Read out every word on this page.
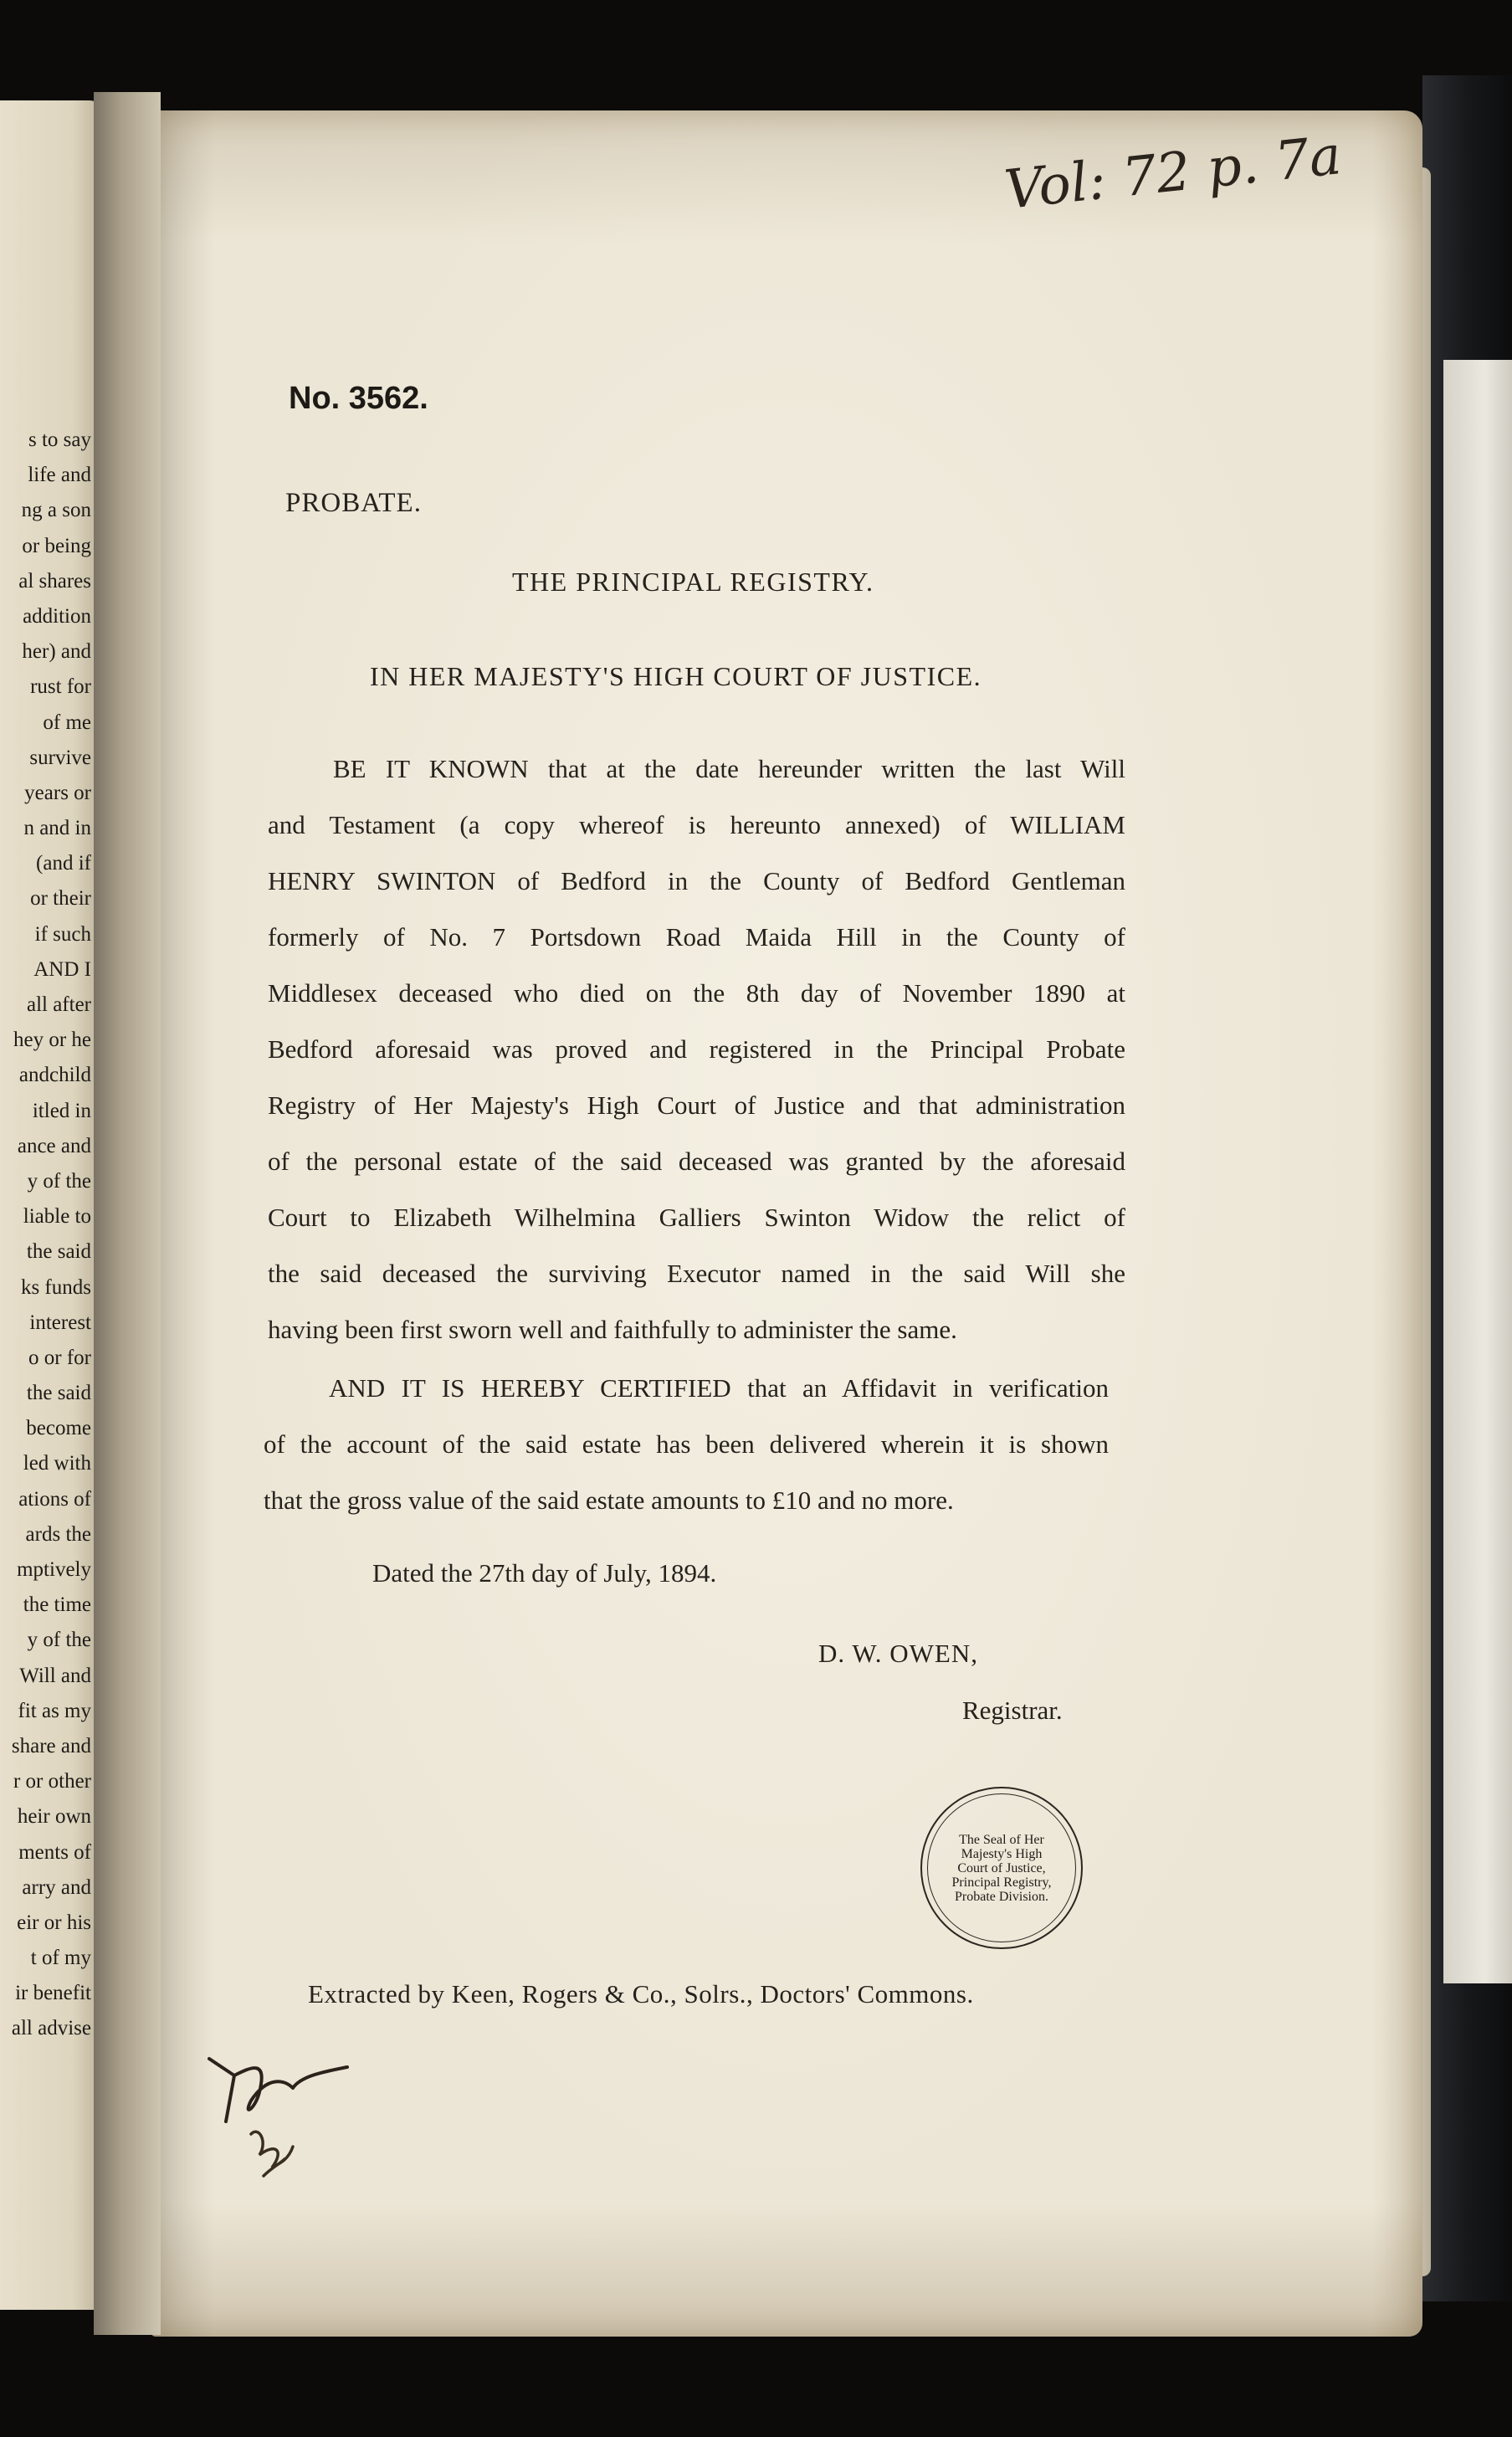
s to say
life and
ng a son
or being
al shares
addition
her) and
rust for
of me
survive
years or
n and in
(and if
or their
if such
AND I
all after
hey or he
andchild
itled in
ance and
y of the
liable to
the said
ks funds
interest
o or for
the said
become
led with
ations of
ards the
mptively
the time
y of the
Will and
fit as my
share and
r or other
heir own
ments of
arry and
eir or his
t of my
ir benefit
all advise
Vol: 72 p. 7a
No. 3562.
PROBATE.
THE PRINCIPAL REGISTRY.
IN HER MAJESTY'S HIGH COURT OF JUSTICE.
BE IT KNOWN that at the date hereunder written the last Will
and Testament (a copy whereof is hereunto annexed) of WILLIAM
HENRY SWINTON of Bedford in the County of Bedford Gentleman
formerly of No. 7 Portsdown Road Maida Hill in the County of
Middlesex deceased who died on the 8th day of November 1890 at
Bedford aforesaid was proved and registered in the Principal Probate
Registry of Her Majesty's High Court of Justice and that administration
of the personal estate of the said deceased was granted by the aforesaid
Court to Elizabeth Wilhelmina Galliers Swinton Widow the relict of
the said deceased the surviving Executor named in the said Will she
having been first sworn well and faithfully to administer the same.
AND IT IS HEREBY CERTIFIED that an Affidavit in verification
of the account of the said estate has been delivered wherein it is shown
that the gross value of the said estate amounts to £10 and no more.
Dated the 27th day of July, 1894.
D. W. OWEN,
Registrar.
The Seal of Her Majesty's High Court of Justice, Principal Registry, Probate Division.
Extracted by Keen, Rogers & Co., Solrs., Doctors' Commons.
